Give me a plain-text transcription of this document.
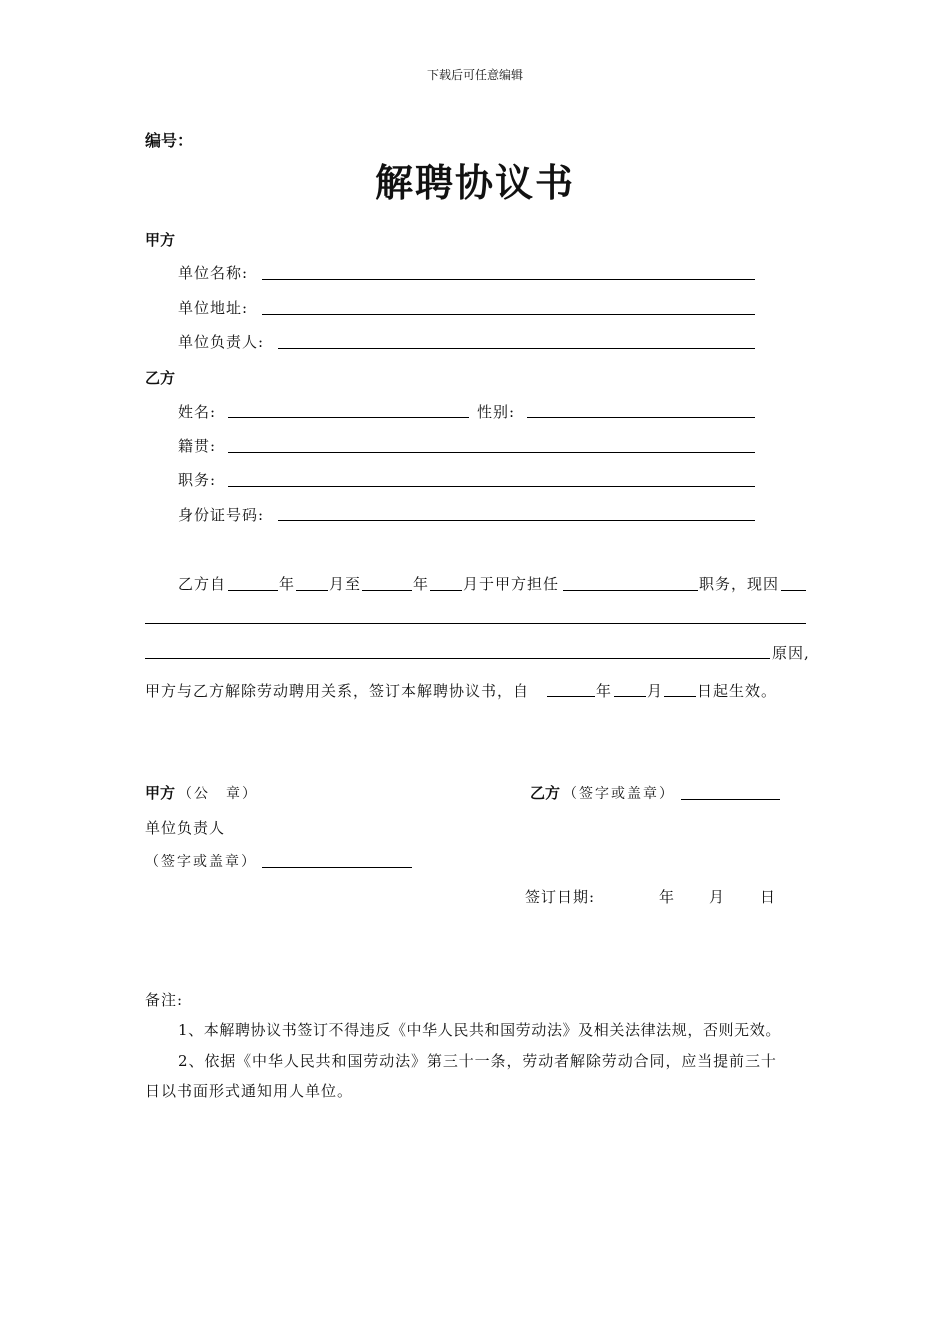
下载后可任意编辑
编号：
解聘协议书
甲方
单位名称:
单位地址:
单位负责人:
乙方
姓名:	性别:
籍贯:
职务:
身份证号码:
乙方自	年 月至	年 月于甲方担任	职务，现因
原因,
甲方与乙方解除劳动聘用关系，签订本解聘协议书，自	年 月 日起生效。
甲方 （公　章）	乙方 （签字或盖章）
单位负责人
（签字或盖章）
签订日期:	年 月 日
备注:
1、本解聘协议书签订不得违反《中华人民共和国劳动法》及相关法律法规，否则无效。
2、依据《中华人民共和国劳动法》第三十一条，劳动者解除劳动合同，应当提前三十
日以书面形式通知用人单位。
